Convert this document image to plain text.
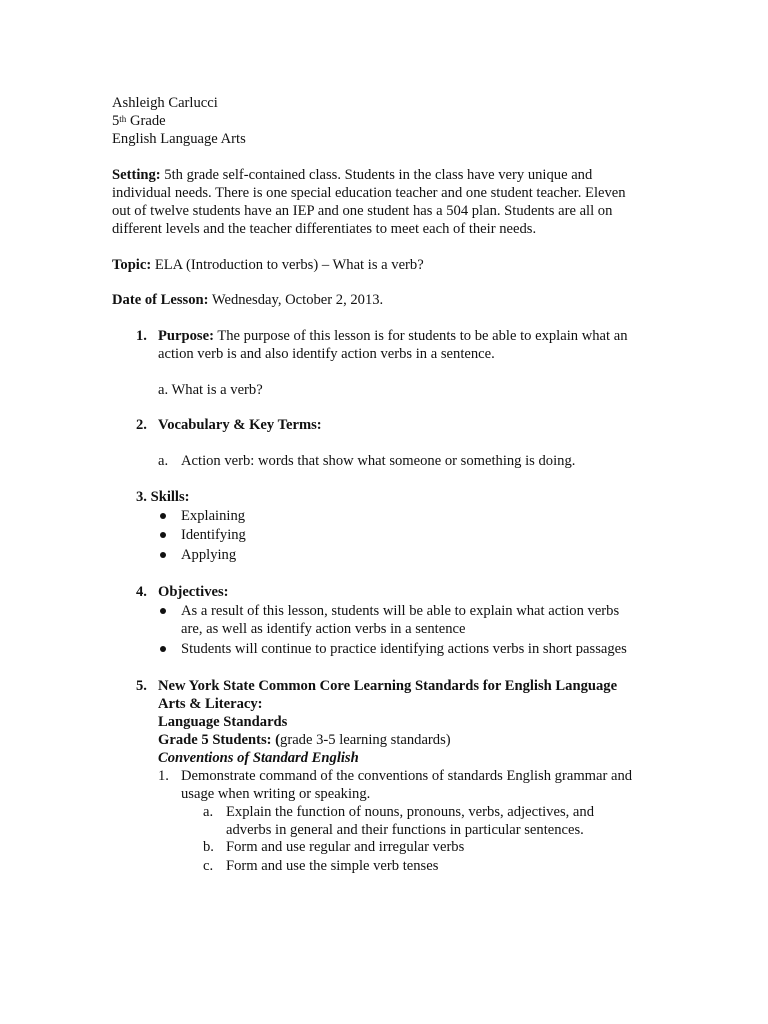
Ashleigh Carlucci
5th Grade
English Language Arts
Setting: 5th grade self-contained class. Students in the class have very unique and
individual needs. There is one special education teacher and one student teacher. Eleven
out of twelve students have an IEP and one student has a 504 plan. Students are all on
different levels and the teacher differentiates to meet each of their needs.
Topic: ELA (Introduction to verbs) – What is a verb?
Date of Lesson: Wednesday, October 2, 2013.
1. Purpose: The purpose of this lesson is for students to be able to explain what an
action verb is and also identify action verbs in a sentence.
a. What is a verb?
2. Vocabulary & Key Terms:
a. Action verb: words that show what someone or something is doing.
3. Skills:
Explaining
Identifying
Applying
4. Objectives:
As a result of this lesson, students will be able to explain what action verbs
are, as well as identify action verbs in a sentence
Students will continue to practice identifying actions verbs in short passages
5. New York State Common Core Learning Standards for English Language
Arts & Literacy:
Language Standards
Grade 5 Students: (grade 3-5 learning standards)
Conventions of Standard English
1. Demonstrate command of the conventions of standards English grammar and
usage when writing or speaking.
a. Explain the function of nouns, pronouns, verbs, adjectives, and
adverbs in general and their functions in particular sentences.
b. Form and use regular and irregular verbs
c. Form and use the simple verb tenses
